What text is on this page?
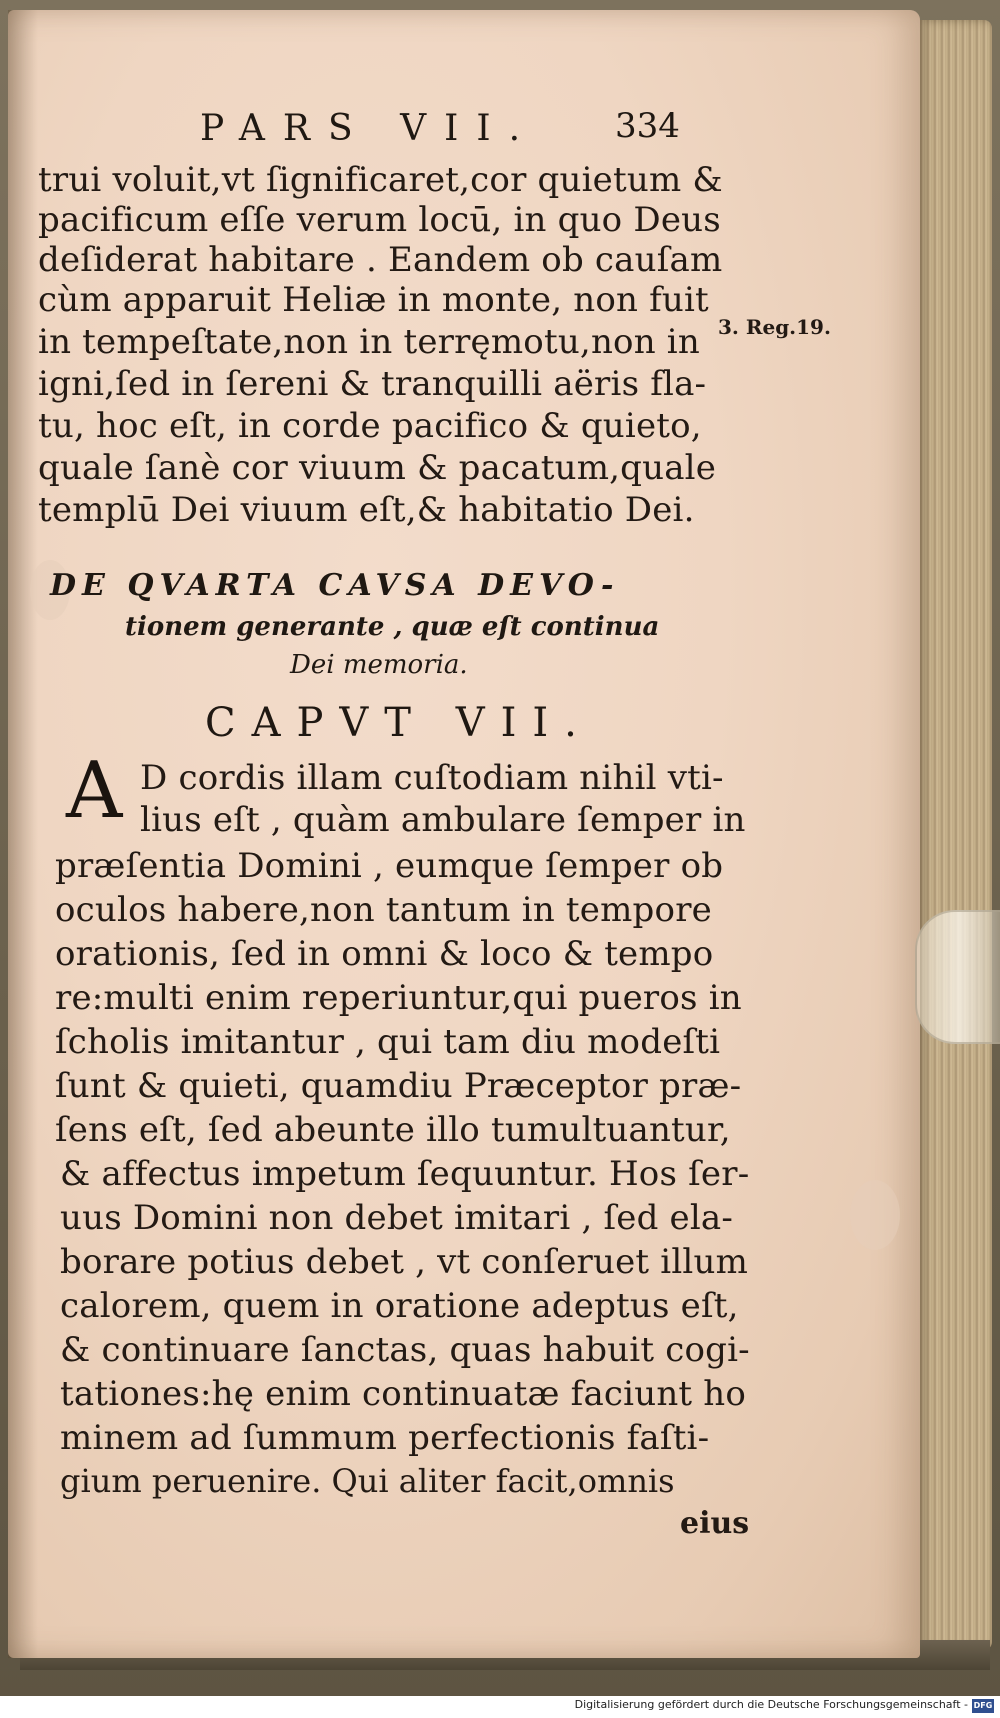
PARS VII. 334
trui voluit,vt ſignificaret,cor quietum &
pacificum eſſe verum locū, in quo Deus
deſiderat habitare . Eandem ob cauſam
cùm apparuit Heliæ in monte, non fuit
in tempeſtate,non in terręmotu,non in
igni,ſed in ſereni & tranquilli aëris fla-
tu, hoc eſt, in corde pacifico & quieto,
quale ſanè cor viuum & pacatum,quale
templū Dei viuum eſt,& habitatio Dei.
3. Reg.19.
DE QVARTA CAVSA DEVO-
tionem generante , quæ eſt continua
Dei memoria.
CAPVT VII.
A D cordis illam cuſtodiam nihil vti-
lius eſt , quàm ambulare ſemper in
præſentia Domini , eumque ſemper ob
oculos habere,non tantum in tempore
orationis, ſed in omni & loco & tempo
re:multi enim reperiuntur,qui pueros in
ſcholis imitantur , qui tam diu modeſti
ſunt & quieti, quamdiu Præceptor præ-
ſens eſt, ſed abeunte illo tumultuantur,
& affectus impetum ſequuntur. Hos ſer-
uus Domini non debet imitari , ſed ela-
borare potius debet , vt conſeruet illum
calorem, quem in oratione adeptus eſt,
& continuare ſanctas, quas habuit cogi-
tationes:hę enim continuatæ faciunt ho
minem ad ſummum perfectionis faſti-
gium peruenire. Qui aliter facit,omnis
eius
Digitalisierung gefördert durch die Deutsche Forschungsgemeinschaft - DFG
